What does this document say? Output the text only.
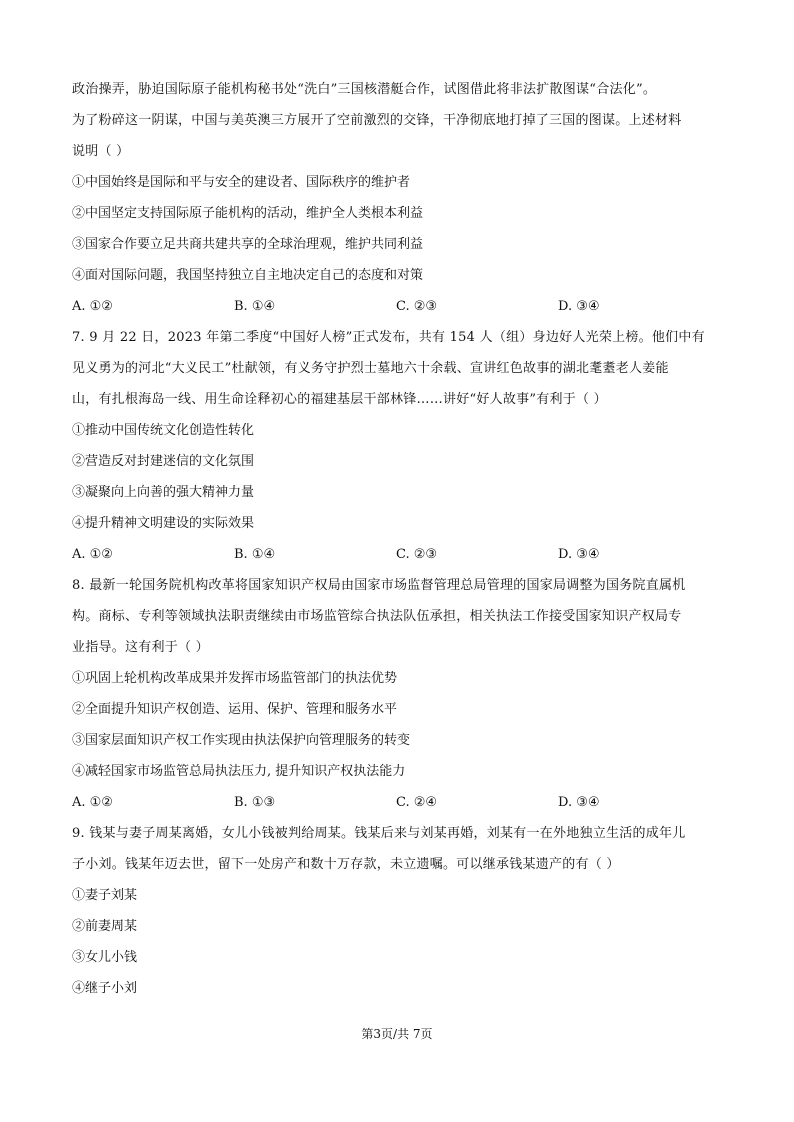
政治操弄，胁迫国际原子能机构秘书处“洗白”三国核潜艇合作，试图借此将非法扩散图谋“合法化”。
为了粉碎这一阴谋，中国与美英澳三方展开了空前激烈的交锋，干净彻底地打掉了三国的图谋。上述材料
说明（ ）
①中国始终是国际和平与安全的建设者、国际秩序的维护者
②中国坚定支持国际原子能机构的活动，维护全人类根本利益
③国家合作要立足共商共建共享的全球治理观，维护共同利益
④面对国际问题，我国坚持独立自主地决定自己的态度和对策
A. ①②	B. ①④	C. ②③	D. ③④
7. 9 月 22 日，2023 年第二季度“中国好人榜”正式发布，共有 154 人（组）身边好人光荣上榜。他们中有
见义勇为的河北“大义民工”杜献领，有义务守护烈士墓地六十余载、宣讲红色故事的湖北耄耋老人姜能
山，有扎根海岛一线、用生命诠释初心的福建基层干部林锋……讲好“好人故事”有利于（ ）
①推动中国传统文化创造性转化
②营造反对封建迷信的文化氛围
③凝聚向上向善的强大精神力量
④提升精神文明建设的实际效果
A. ①②	B. ①④	C. ②③	D. ③④
8. 最新一轮国务院机构改革将国家知识产权局由国家市场监督管理总局管理的国家局调整为国务院直属机
构。商标、专利等领域执法职责继续由市场监管综合执法队伍承担，相关执法工作接受国家知识产权局专
业指导。这有利于（ ）
①巩固上轮机构改革成果并发挥市场监管部门的执法优势
②全面提升知识产权创造、运用、保护、管理和服务水平
③国家层面知识产权工作实现由执法保护向管理服务的转变
④减轻国家市场监管总局执法压力, 提升知识产权执法能力
A. ①②	B. ①③	C. ②④	D. ③④
9. 钱某与妻子周某离婚，女儿小钱被判给周某。钱某后来与刘某再婚，刘某有一在外地独立生活的成年儿
子小刘。钱某年迈去世，留下一处房产和数十万存款，未立遗嘱。可以继承钱某遗产的有（ ）
①妻子刘某
②前妻周某
③女儿小钱
④继子小刘
第3页/共 7页
